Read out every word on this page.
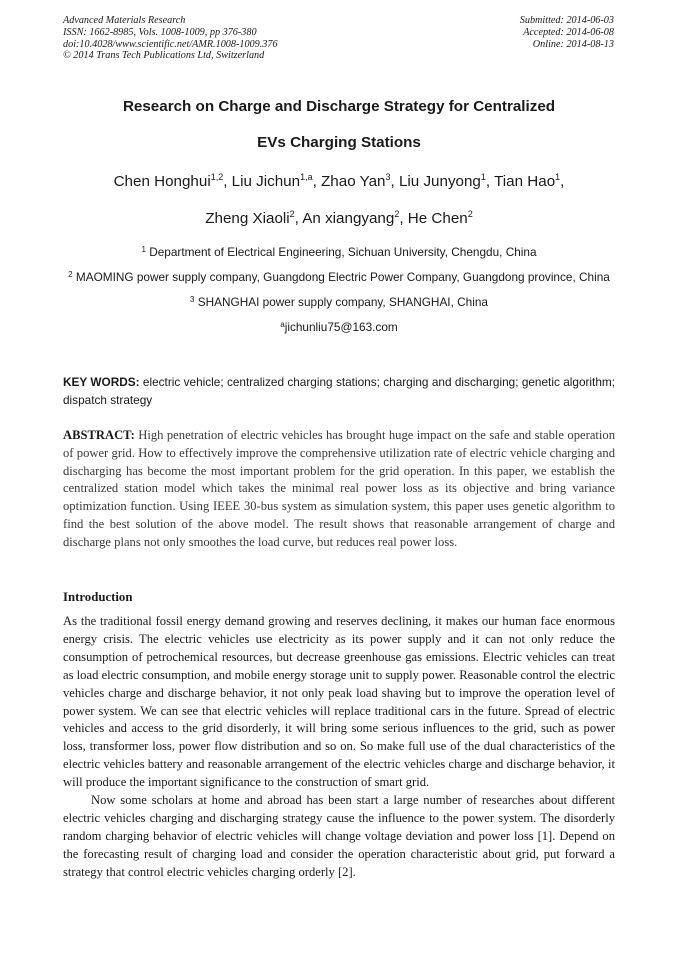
Advanced Materials Research
ISSN: 1662-8985, Vols. 1008-1009, pp 376-380
doi:10.4028/www.scientific.net/AMR.1008-1009.376
© 2014 Trans Tech Publications Ltd, Switzerland
Submitted: 2014-06-03
Accepted: 2014-06-08
Online: 2014-08-13
Research on Charge and Discharge Strategy for Centralized
EVs Charging Stations
Chen Honghui$^{1,2}$, Liu Jichun$^{1,a}$, Zhao Yan$^3$, Liu Junyong$^1$, Tian Hao$^1$,
Zheng Xiaoli$^2$, An xiangyang$^2$, He Chen$^2$
$^1$ Department of Electrical Engineering, Sichuan University, Chengdu, China
$^2$ MAOMING power supply company, Guangdong Electric Power Company, Guangdong province, China
$^3$ SHANGHAI power supply company, SHANGHAI, China
$^a$jichunliu75@163.com
KEY WORDS: electric vehicle; centralized charging stations; charging and discharging; genetic algorithm; dispatch strategy
ABSTRACT: High penetration of electric vehicles has brought huge impact on the safe and stable operation of power grid. How to effectively improve the comprehensive utilization rate of electric vehicle charging and discharging has become the most important problem for the grid operation. In this paper, we establish the centralized station model which takes the minimal real power loss as its objective and bring variance optimization function. Using IEEE 30-bus system as simulation system, this paper uses genetic algorithm to find the best solution of the above model. The result shows that reasonable arrangement of charge and discharge plans not only smoothes the load curve, but reduces real power loss.
Introduction

As the traditional fossil energy demand growing and reserves declining, it makes our human face enormous energy crisis. The electric vehicles use electricity as its power supply and it can not only reduce the consumption of petrochemical resources, but decrease greenhouse gas emissions. Electric vehicles can treat as load electric consumption, and mobile energy storage unit to supply power. Reasonable control the electric vehicles charge and discharge behavior, it not only peak load shaving but to improve the operation level of power system. We can see that electric vehicles will replace traditional cars in the future. Spread of electric vehicles and access to the grid disorderly, it will bring some serious influences to the grid, such as power loss, transformer loss, power flow distribution and so on. So make full use of the dual characteristics of the electric vehicles battery and reasonable arrangement of the electric vehicles charge and discharge behavior, it will produce the important significance to the construction of smart grid.

Now some scholars at home and abroad has been start a large number of researches about different electric vehicles charging and discharging strategy cause the influence to the power system. The disorderly random charging behavior of electric vehicles will change voltage deviation and power loss [1]. Depend on the forecasting result of charging load and consider the operation characteristic about grid, put forward a strategy that control electric vehicles charging orderly [2].
